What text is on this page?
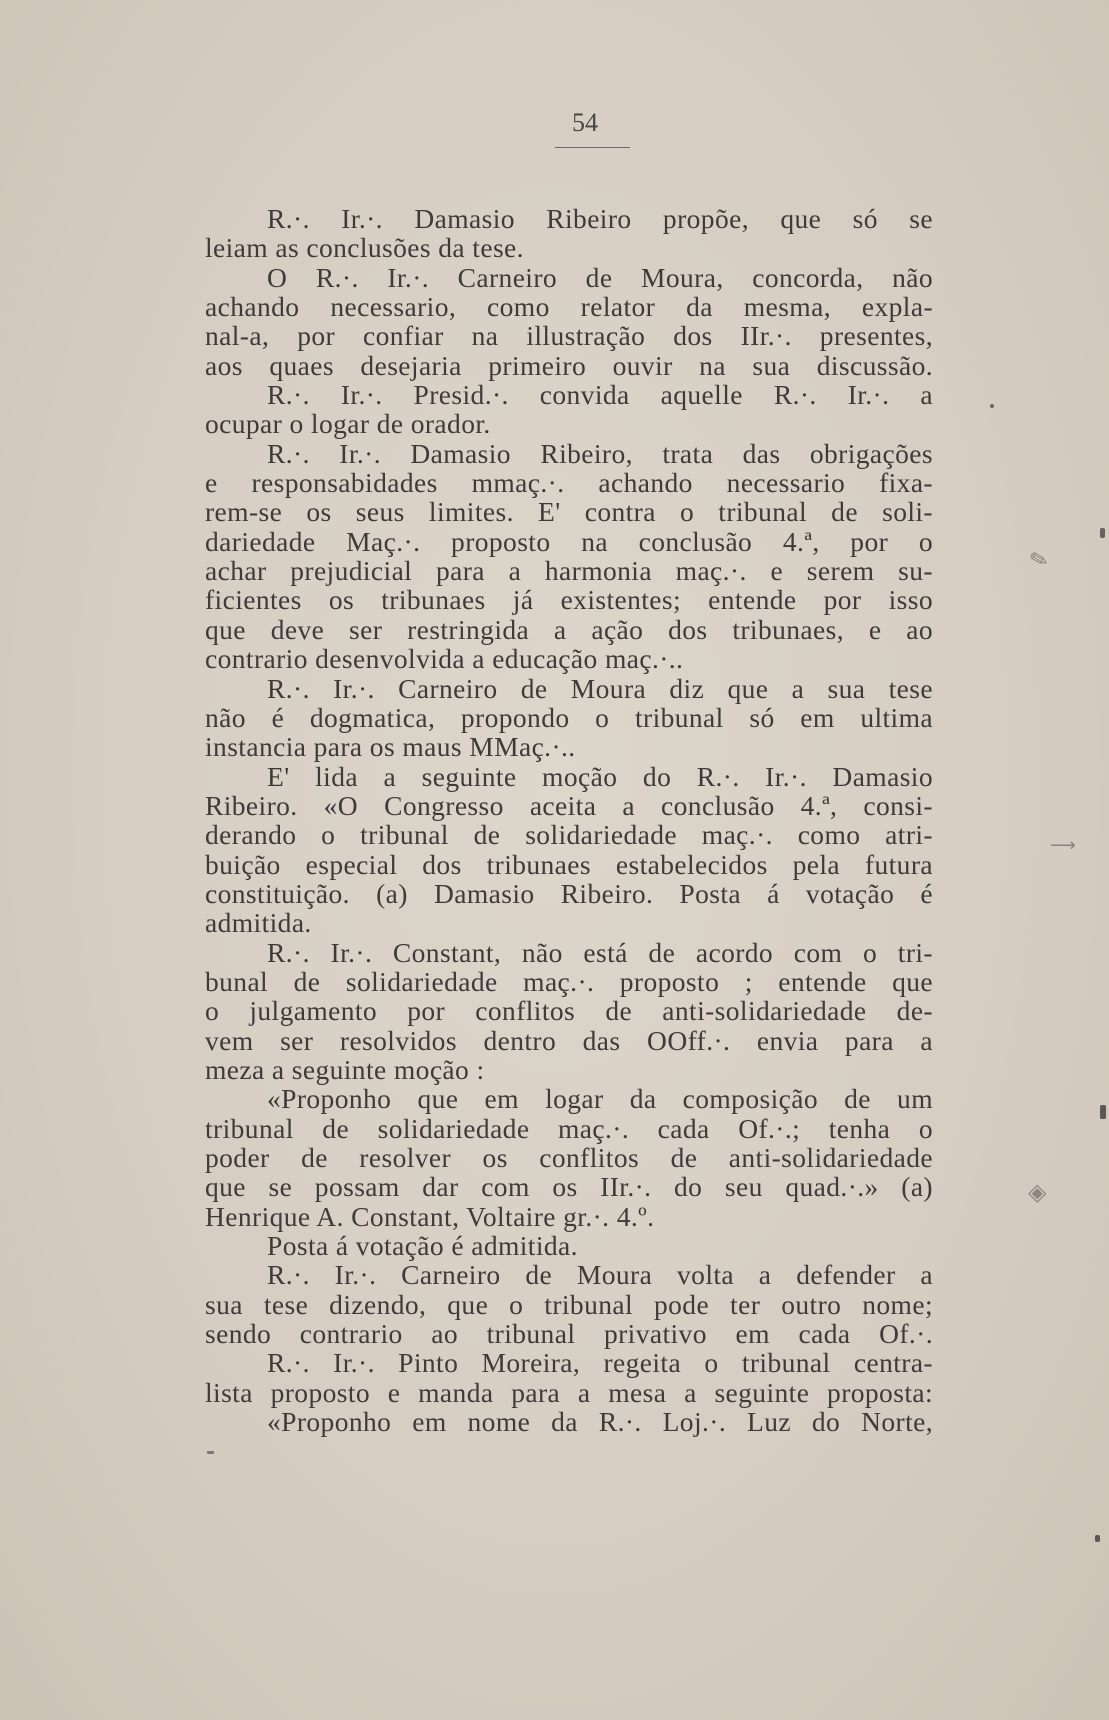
54
R.·. Ir.·. Damasio Ribeiro propõe, que só se
leiam as conclusões da tese.
O R.·. Ir.·. Carneiro de Moura, concorda, não
achando necessario, como relator da mesma, expla-
nal-a, por confiar na illustração dos IIr.·. presentes,
aos quaes desejaria primeiro ouvir na sua discussão.
R.·. Ir.·. Presid.·. convida aquelle R.·. Ir.·. a
ocupar o logar de orador.
R.·. Ir.·. Damasio Ribeiro, trata das obrigações
e responsabidades mmaç.·. achando necessario fixa-
rem-se os seus limites. E' contra o tribunal de soli-
dariedade Maç.·. proposto na conclusão 4.ª, por o
achar prejudicial para a harmonia maç.·. e serem su-
ficientes os tribunaes já existentes; entende por isso
que deve ser restringida a ação dos tribunaes, e ao
contrario desenvolvida a educação maç.·..
R.·. Ir.·. Carneiro de Moura diz que a sua tese
não é dogmatica, propondo o tribunal só em ultima
instancia para os maus MMaç.·..
E' lida a seguinte moção do R.·. Ir.·. Damasio
Ribeiro. «O Congresso aceita a conclusão 4.ª, consi-
derando o tribunal de solidariedade maç.·. como atri-
buição especial dos tribunaes estabelecidos pela futura
constituição. (a) Damasio Ribeiro. Posta á votação é
admitida.
R.·. Ir.·. Constant, não está de acordo com o tri-
bunal de solidariedade maç.·. proposto ; entende que
o julgamento por conflitos de anti-solidariedade de-
vem ser resolvidos dentro das OOff.·. envia para a
meza a seguinte moção :
«Proponho que em logar da composição de um
tribunal de solidariedade maç.·. cada Of.·.; tenha o
poder de resolver os conflitos de anti-solidariedade
que se possam dar com os IIr.·. do seu quad.·.» (a)
Henrique A. Constant, Voltaire gr.·. 4.º.
Posta á votação é admitida.
R.·. Ir.·. Carneiro de Moura volta a defender a
sua tese dizendo, que o tribunal pode ter outro nome;
sendo contrario ao tribunal privativo em cada Of.·.
R.·. Ir.·. Pinto Moreira, regeita o tribunal centra-
lista proposto e manda para a mesa a seguinte proposta:
«Proponho em nome da R.·. Loj.·. Luz do Norte,
✎
⟶
◈
